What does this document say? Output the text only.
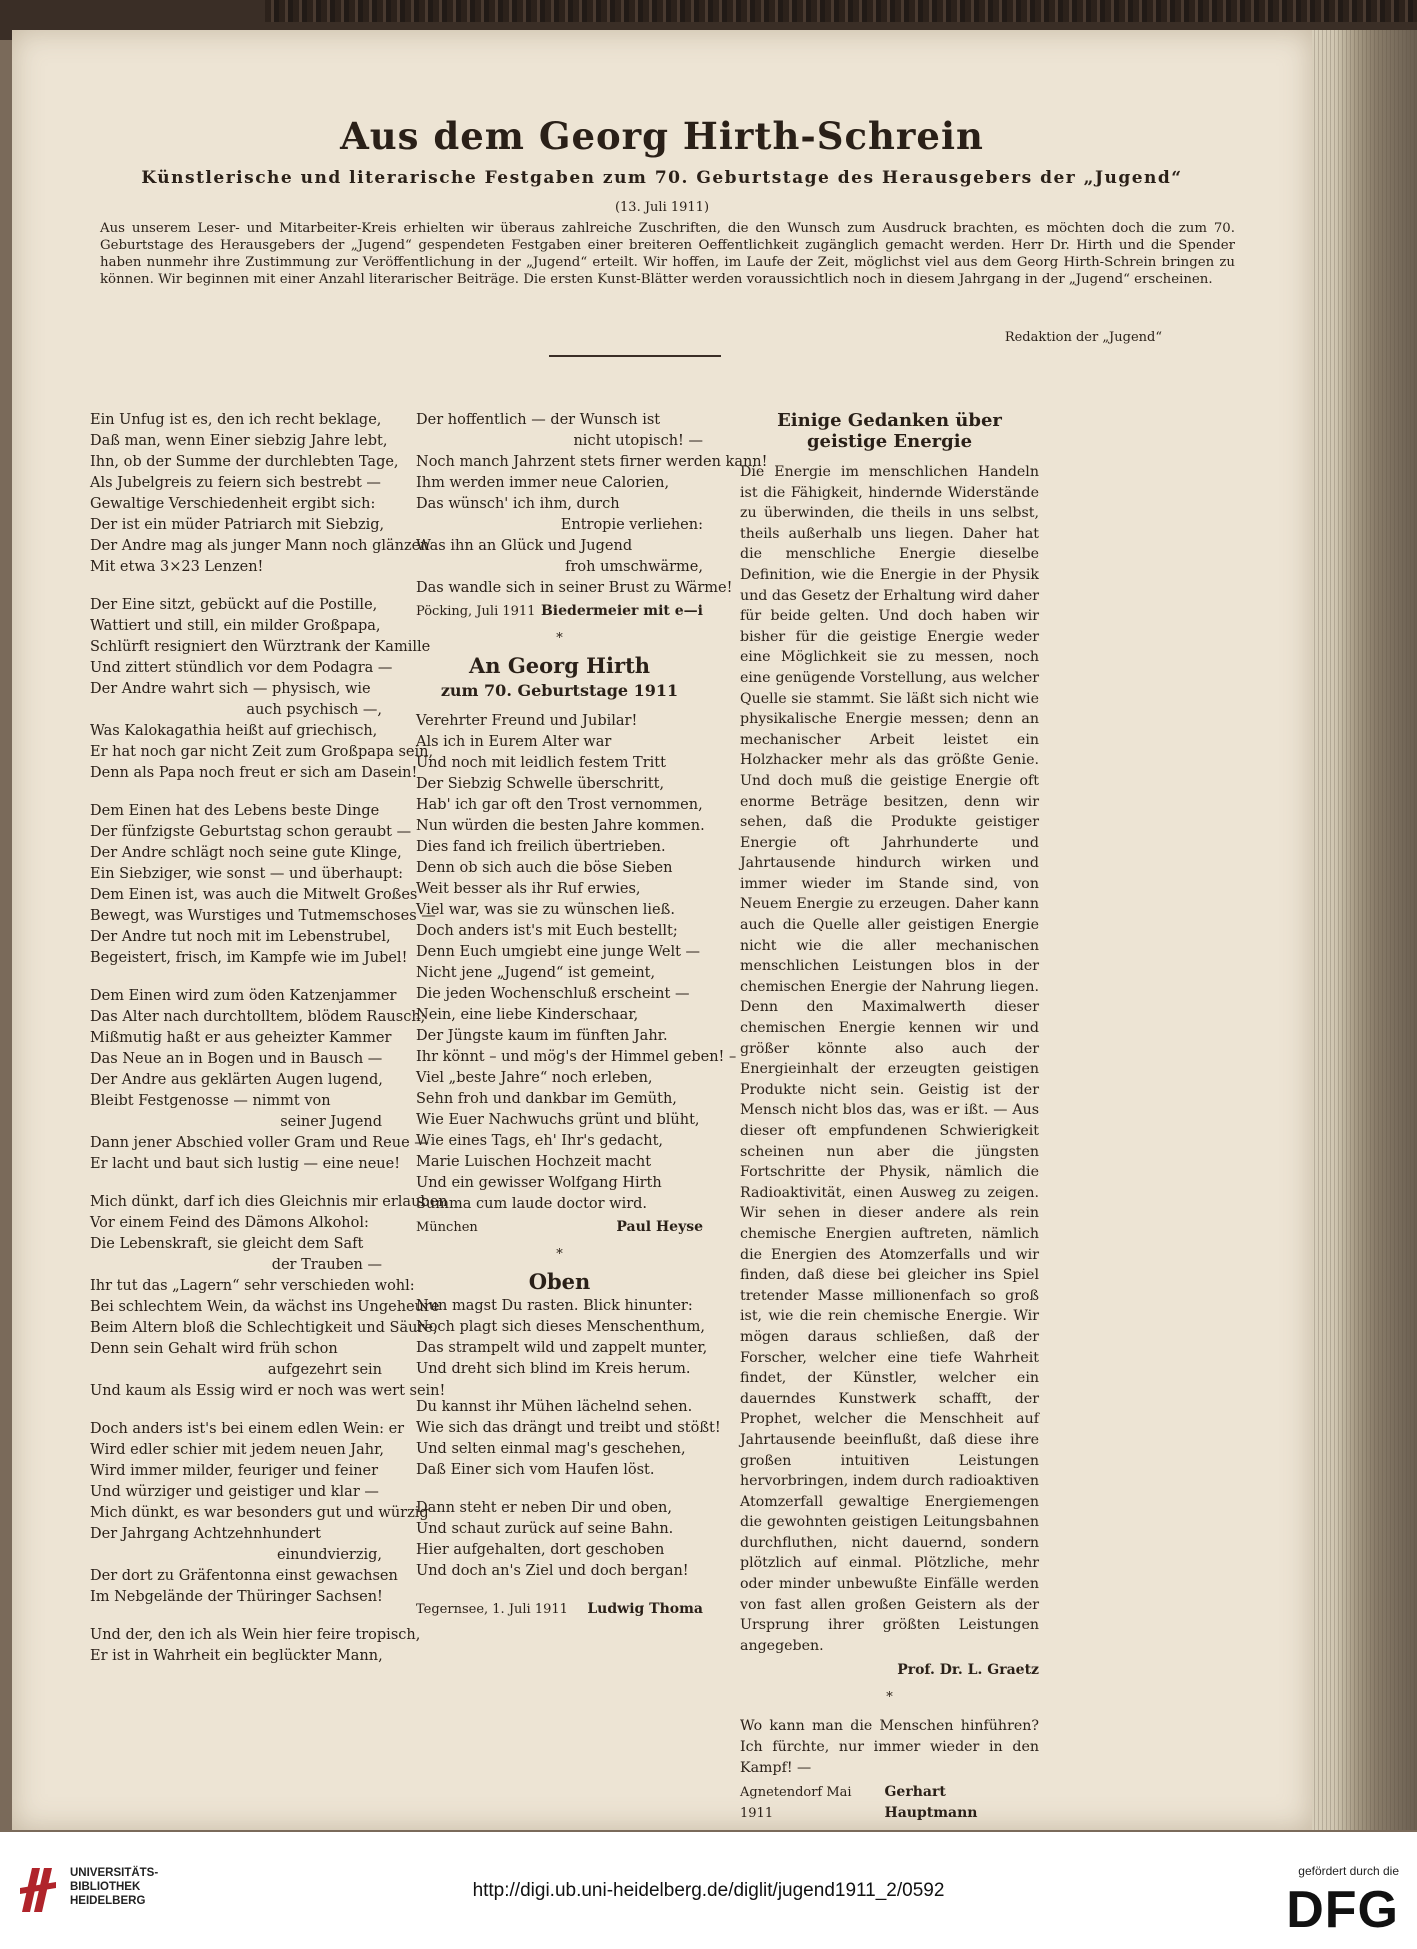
Aus dem Georg Hirth-Schrein
Künstlerische und literarische Festgaben zum 70. Geburtstage des Herausgebers der „Jugend“
(13. Juli 1911)
Aus unserem Leser- und Mitarbeiter-Kreis erhielten wir überaus zahlreiche Zuschriften, die den Wunsch zum Ausdruck brachten, es möchten doch die zum 70. Geburtstage des Herausgebers der „Jugend“ gespendeten Festgaben einer breiteren Oeffentlichkeit zugänglich gemacht werden. Herr Dr. Hirth und die Spender haben nunmehr ihre Zustimmung zur Veröffentlichung in der „Jugend“ erteilt. Wir hoffen, im Laufe der Zeit, möglichst viel aus dem Georg Hirth-Schrein bringen zu können. Wir beginnen mit einer Anzahl literarischer Beiträge. Die ersten Kunst-Blätter werden voraussichtlich noch in diesem Jahrgang in der „Jugend“ erscheinen.
Redaktion der „Jugend“
Ein Unfug ist es, den ich recht beklage,
Daß man, wenn Einer siebzig Jahre lebt,
Ihn, ob der Summe der durchlebten Tage,
Als Jubelgreis zu feiern sich bestrebt —
Gewaltige Verschiedenheit ergibt sich:
Der ist ein müder Patriarch mit Siebzig,
Der Andre mag als junger Mann noch glänzen
Mit etwa 3×23 Lenzen!
Der Eine sitzt, gebückt auf die Postille,
Wattiert und still, ein milder Großpapa,
Schlürft resigniert den Würztrank der Kamille
Und zittert stündlich vor dem Podagra —
Der Andre wahrt sich — physisch, wie
auch psychisch —,
Was Kalokagathia heißt auf griechisch,
Er hat noch gar nicht Zeit zum Großpapa sein,
Denn als Papa noch freut er sich am Dasein!
Dem Einen hat des Lebens beste Dinge
Der fünfzigste Geburtstag schon geraubt —
Der Andre schlägt noch seine gute Klinge,
Ein Siebziger, wie sonst — und überhaupt:
Dem Einen ist, was auch die Mitwelt Großes
Bewegt, was Wurstiges und Tutmemschoses —
Der Andre tut noch mit im Lebenstrubel,
Begeistert, frisch, im Kampfe wie im Jubel!
Dem Einen wird zum öden Katzenjammer
Das Alter nach durchtolltem, blödem Rausch;
Mißmutig haßt er aus geheizter Kammer
Das Neue an in Bogen und in Bausch —
Der Andre aus geklärten Augen lugend,
Bleibt Festgenosse — nimmt von
seiner Jugend
Dann jener Abschied voller Gram und Reue —
Er lacht und baut sich lustig — eine neue!
Mich dünkt, darf ich dies Gleichnis mir erlauben
Vor einem Feind des Dämons Alkohol:
Die Lebenskraft, sie gleicht dem Saft
der Trauben —
Ihr tut das „Lagern“ sehr verschieden wohl:
Bei schlechtem Wein, da wächst ins Ungeheure
Beim Altern bloß die Schlechtigkeit und Säure,
Denn sein Gehalt wird früh schon
aufgezehrt sein
Und kaum als Essig wird er noch was wert sein!
Doch anders ist's bei einem edlen Wein: er
Wird edler schier mit jedem neuen Jahr,
Wird immer milder, feuriger und feiner
Und würziger und geistiger und klar —
Mich dünkt, es war besonders gut und würzig
Der Jahrgang Achtzehnhundert
einundvierzig,
Der dort zu Gräfentonna einst gewachsen
Im Nebgelände der Thüringer Sachsen!
Und der, den ich als Wein hier feire tropisch,
Er ist in Wahrheit ein beglückter Mann,
Der hoffentlich — der Wunsch ist
nicht utopisch! —
Noch manch Jahrzent stets firner werden kann!
Ihm werden immer neue Calorien,
Das wünsch' ich ihm, durch
Entropie verliehen:
Was ihn an Glück und Jugend
froh umschwärme,
Das wandle sich in seiner Brust zu Wärme!
Pöcking, Juli 1911 Biedermeier mit e—i
*
An Georg Hirth
zum 70. Geburtstage 1911
Verehrter Freund und Jubilar!
Als ich in Eurem Alter war
Und noch mit leidlich festem Tritt
Der Siebzig Schwelle überschritt,
Hab' ich gar oft den Trost vernommen,
Nun würden die besten Jahre kommen.
Dies fand ich freilich übertrieben.
Denn ob sich auch die böse Sieben
Weit besser als ihr Ruf erwies,
Viel war, was sie zu wünschen ließ.
Doch anders ist's mit Euch bestellt;
Denn Euch umgiebt eine junge Welt —
Nicht jene „Jugend“ ist gemeint,
Die jeden Wochenschluß erscheint —
Nein, eine liebe Kinderschaar,
Der Jüngste kaum im fünften Jahr.
Ihr könnt – und mög's der Himmel geben! –
Viel „beste Jahre“ noch erleben,
Sehn froh und dankbar im Gemüth,
Wie Euer Nachwuchs grünt und blüht,
Wie eines Tags, eh' Ihr's gedacht,
Marie Luischen Hochzeit macht
Und ein gewisser Wolfgang Hirth
Summa cum laude doctor wird.
München	Paul Heyse
*
Oben
Nun magst Du rasten. Blick hinunter:
Noch plagt sich dieses Menschenthum,
Das strampelt wild und zappelt munter,
Und dreht sich blind im Kreis herum.
Du kannst ihr Mühen lächelnd sehen.
Wie sich das drängt und treibt und stößt!
Und selten einmal mag's geschehen,
Daß Einer sich vom Haufen löst.
Dann steht er neben Dir und oben,
Und schaut zurück auf seine Bahn.
Hier aufgehalten, dort geschoben
Und doch an's Ziel und doch bergan!
Tegernsee, 1. Juli 1911 Ludwig Thoma
Einige Gedanken über geistige Energie
Die Energie im menschlichen Handeln ist die Fähigkeit, hindernde Widerstände zu überwinden, die theils in uns selbst, theils außerhalb uns liegen. Daher hat die menschliche Energie dieselbe Definition, wie die Energie in der Physik und das Gesetz der Erhaltung wird daher für beide gelten. Und doch haben wir bisher für die geistige Energie weder eine Möglichkeit sie zu messen, noch eine genügende Vorstellung, aus welcher Quelle sie stammt. Sie läßt sich nicht wie physikalische Energie messen; denn an mechanischer Arbeit leistet ein Holzhacker mehr als das größte Genie. Und doch muß die geistige Energie oft enorme Beträge besitzen, denn wir sehen, daß die Produkte geistiger Energie oft Jahrhunderte und Jahrtausende hindurch wirken und immer wieder im Stande sind, von Neuem Energie zu erzeugen. Daher kann auch die Quelle aller geistigen Energie nicht wie die aller mechanischen menschlichen Leistungen blos in der chemischen Energie der Nahrung liegen. Denn den Maximalwerth dieser chemischen Energie kennen wir und größer könnte also auch der Energieinhalt der erzeugten geistigen Produkte nicht sein. Geistig ist der Mensch nicht blos das, was er ißt. — Aus dieser oft empfundenen Schwierigkeit scheinen nun aber die jüngsten Fortschritte der Physik, nämlich die Radioaktivität, einen Ausweg zu zeigen. Wir sehen in dieser andere als rein chemische Energien auftreten, nämlich die Energien des Atomzerfalls und wir finden, daß diese bei gleicher ins Spiel tretender Masse millionenfach so groß ist, wie die rein chemische Energie. Wir mögen daraus schließen, daß der Forscher, welcher eine tiefe Wahrheit findet, der Künstler, welcher ein dauerndes Kunstwerk schafft, der Prophet, welcher die Menschheit auf Jahrtausende beeinflußt, daß diese ihre großen intuitiven Leistungen hervorbringen, indem durch radioaktiven Atomzerfall gewaltige Energiemengen die gewohnten geistigen Leitungsbahnen durchfluthen, nicht dauernd, sondern plötzlich auf einmal. Plötzliche, mehr oder minder unbewußte Einfälle werden von fast allen großen Geistern als der Ursprung ihrer größten Leistungen angegeben.
Prof. Dr. L. Graetz
*
Wo kann man die Menschen hinführen? Ich fürchte, nur immer wieder in den Kampf! —
Agnetendorf Mai 1911
Gerhart Hauptmann
UNIVERSITÄTS-
BIBLIOTHEK
HEIDELBERG	http://digi.ub.uni-heidelberg.de/diglit/jugend1911_2/0592
gefördert durch die
DFG
